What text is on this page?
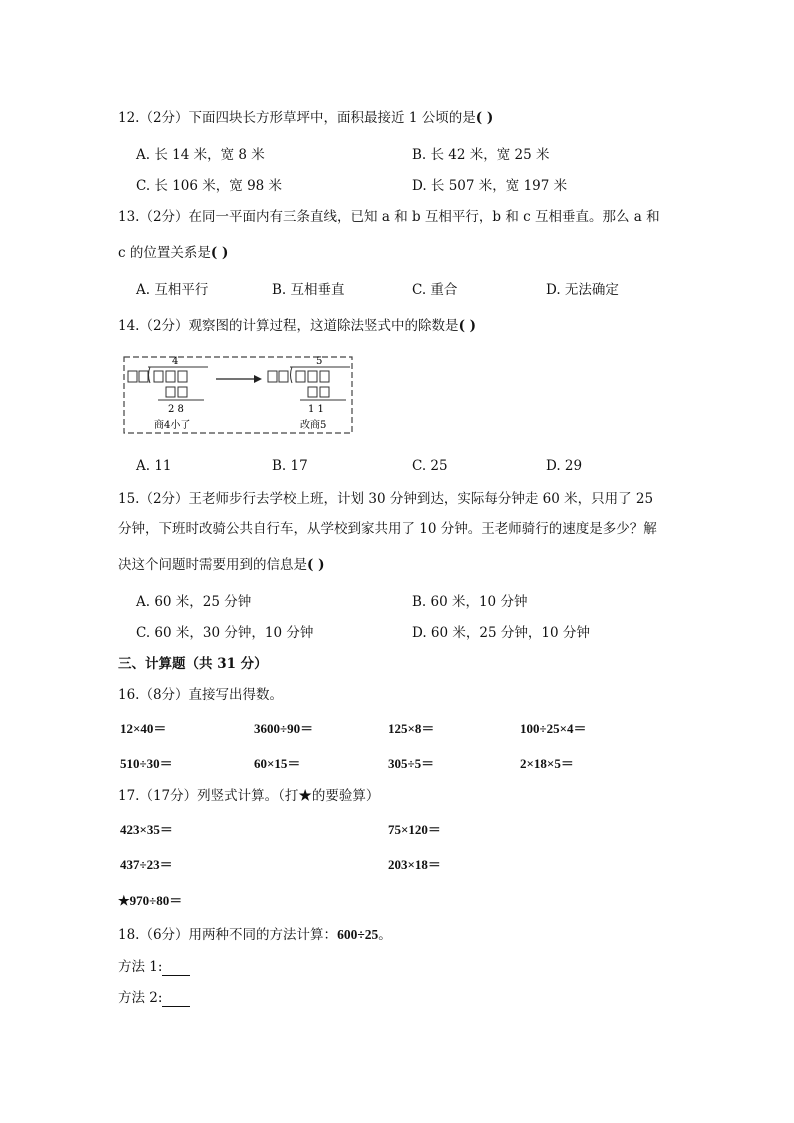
12.（2分）下面四块长方形草坪中，面积最接近 1 公顷的是( )
A. 长 14 米，宽 8 米	B. 长 42 米，宽 25 米
C. 长 106 米，宽 98 米	D. 长 507 米，宽 197 米
13.（2分）在同一平面内有三条直线，已知 a 和 b 互相平行，b 和 c 互相垂直。那么 a 和
c 的位置关系是( )
A. 互相平行	B. 互相垂直	C. 重合	D. 无法确定
14.（2分）观察图的计算过程，这道除法竖式中的除数是( )
4
2 8
商4小了
5
1 1
改商5
A. 11	B. 17	C. 25	D. 29
15.（2分）王老师步行去学校上班，计划 30 分钟到达，实际每分钟走 60 米，只用了 25
分钟，下班时改骑公共自行车，从学校到家共用了 10 分钟。王老师骑行的速度是多少？解
决这个问题时需要用到的信息是( )
A. 60 米，25 分钟	B. 60 米，10 分钟
C. 60 米，30 分钟，10 分钟	D. 60 米，25 分钟，10 分钟
三、计算题（共 31 分）
16.（8分）直接写出得数。
12×40＝	3600÷90＝	125×8＝	100÷25×4＝
510÷30＝	60×15＝	305÷5＝	2×18×5＝
17.（17分）列竖式计算。（打★的要验算）
423×35＝	75×120＝
437÷23＝	203×18＝
★970÷80＝
18.（6分）用两种不同的方法计算：600÷25。
方法 1:
方法 2:
